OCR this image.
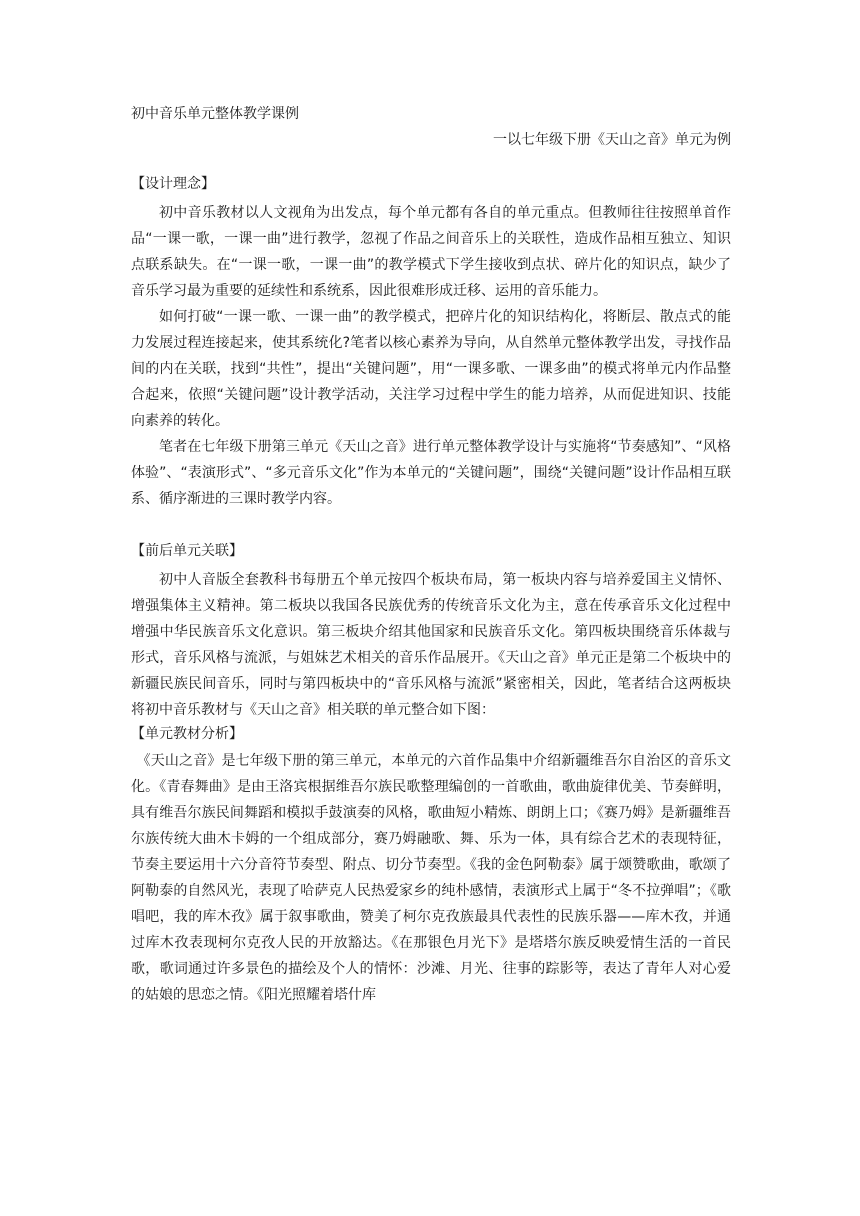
初中音乐单元整体教学课例

一以七年级下册《天山之音》单元为例

【设计理念】

初中音乐教材以人文视角为出发点，每个单元都有各自的单元重点。但教师往往按照单首作品“一课一歌，一课一曲”进行教学，忽视了作品之间音乐上的关联性，造成作品相互独立、知识点联系缺失。在“一课一歌，一课一曲”的教学模式下学生接收到点状、碎片化的知识点，缺少了音乐学习最为重要的延续性和系统系，因此很难形成迁移、运用的音乐能力。

如何打破“一课一歌、一课一曲”的教学模式，把碎片化的知识结构化，将断层、散点式的能力发展过程连接起来，使其系统化?笔者以核心素养为导向，从自然单元整体教学出发，寻找作品间的内在关联，找到“共性”，提出“关键问题”，用“一课多歌、一课多曲”的模式将单元内作品整合起来，依照“关键问题”设计教学活动，关注学习过程中学生的能力培养，从而促进知识、技能向素养的转化。

笔者在七年级下册第三单元《天山之音》进行单元整体教学设计与实施将“节奏感知”、“风格体验”、“表演形式”、“多元音乐文化”作为本单元的“关键问题”，围绕“关键问题”设计作品相互联系、循序渐进的三课时教学内容。

【前后单元关联】

初中人音版全套教科书每册五个单元按四个板块布局，第一板块内容与培养爱国主义情怀、增强集体主义精神。第二板块以我国各民族优秀的传统音乐文化为主，意在传承音乐文化过程中增强中华民族音乐文化意识。第三板块介绍其他国家和民族音乐文化。第四板块围绕音乐体裁与形式，音乐风格与流派，与姐妹艺术相关的音乐作品展开。《天山之音》单元正是第二个板块中的新疆民族民间音乐，同时与第四板块中的“音乐风格与流派”紧密相关，因此，笔者结合这两板块将初中音乐教材与《天山之音》相关联的单元整合如下图：

【单元教材分析】

《天山之音》是七年级下册的第三单元，本单元的六首作品集中介绍新疆维吾尔自治区的音乐文化。《青春舞曲》是由王洛宾根据维吾尔族民歌整理编创的一首歌曲，歌曲旋律优美、节奏鲜明，具有维吾尔族民间舞蹈和模拟手鼓演奏的风格，歌曲短小精炼、朗朗上口；《赛乃姆》是新疆维吾尔族传统大曲木卡姆的一个组成部分，赛乃姆融歌、舞、乐为一体，具有综合艺术的表现特征，节奏主要运用十六分音符节奏型、附点、切分节奏型。《我的金色阿勒泰》属于颂赞歌曲，歌颂了阿勒泰的自然风光，表现了哈萨克人民热爱家乡的纯朴感情，表演形式上属于“冬不拉弹唱”；《歌唱吧，我的库木孜》属于叙事歌曲，赞美了柯尔克孜族最具代表性的民族乐器——库木孜，并通过库木孜表现柯尔克孜人民的开放豁达。《在那银色月光下》是塔塔尔族反映爱情生活的一首民歌，歌词通过许多景色的描绘及个人的情怀：沙滩、月光、往事的踪影等，表达了青年人对心爱的姑娘的思恋之情。《阳光照耀着塔什库
